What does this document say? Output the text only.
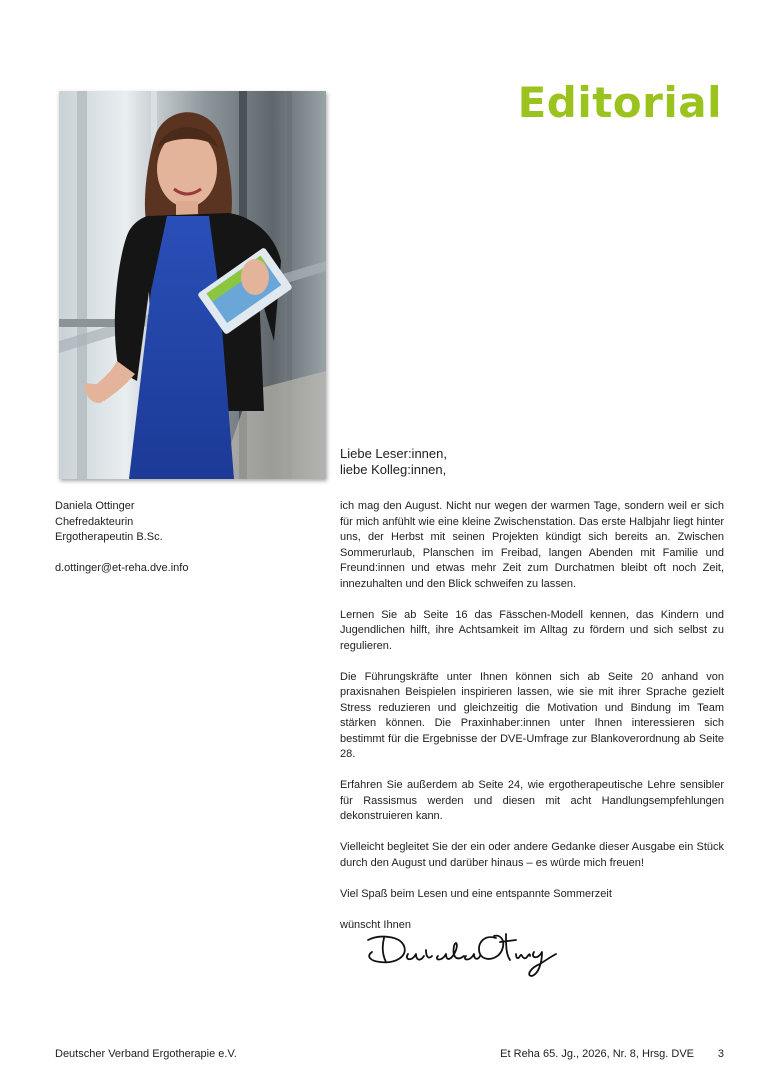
Editorial
Daniela Ottinger
Chefredakteurin
Ergotherapeutin B.Sc.
d.ottinger@et-reha.dve.info
Liebe Leser:innen,
liebe Kolleg:innen,

ich mag den August. Nicht nur wegen der warmen Tage, sondern weil er sich für mich anfühlt wie eine kleine Zwischenstation. Das erste Halbjahr liegt hinter uns, der Herbst mit seinen Projekten kündigt sich bereits an. Zwischen Sommerurlaub, Planschen im Freibad, langen Abenden mit Familie und Freund:innen und etwas mehr Zeit zum Durchatmen bleibt oft noch Zeit, innezuhalten und den Blick schweifen zu lassen.

Lernen Sie ab Seite 16 das Fässchen-Modell kennen, das Kindern und Jugendlichen hilft, ihre Achtsamkeit im Alltag zu fördern und sich selbst zu regulieren.

Die Führungskräfte unter Ihnen können sich ab Seite 20 anhand von praxisnahen Beispielen inspirieren lassen, wie sie mit ihrer Sprache gezielt Stress reduzieren und gleichzeitig die Motivation und Bindung im Team stärken können. Die Praxinhaber:innen unter Ihnen interessieren sich bestimmt für die Ergebnisse der DVE-Umfrage zur Blankoverordnung ab Seite 28.

Erfahren Sie außerdem ab Seite 24, wie ergotherapeutische Lehre sensibler für Rassismus werden und diesen mit acht Handlungsempfehlungen dekonstruieren kann.

Vielleicht begleitet Sie der ein oder andere Gedanke dieser Ausgabe ein Stück durch den August und darüber hinaus – es würde mich freuen!

Viel Spaß beim Lesen und eine entspannte Sommerzeit

wünscht Ihnen

Deutscher Verband Ergotherapie e.V.	Et Reha 65. Jg., 2026, Nr. 8, Hrsg. DVE 3
